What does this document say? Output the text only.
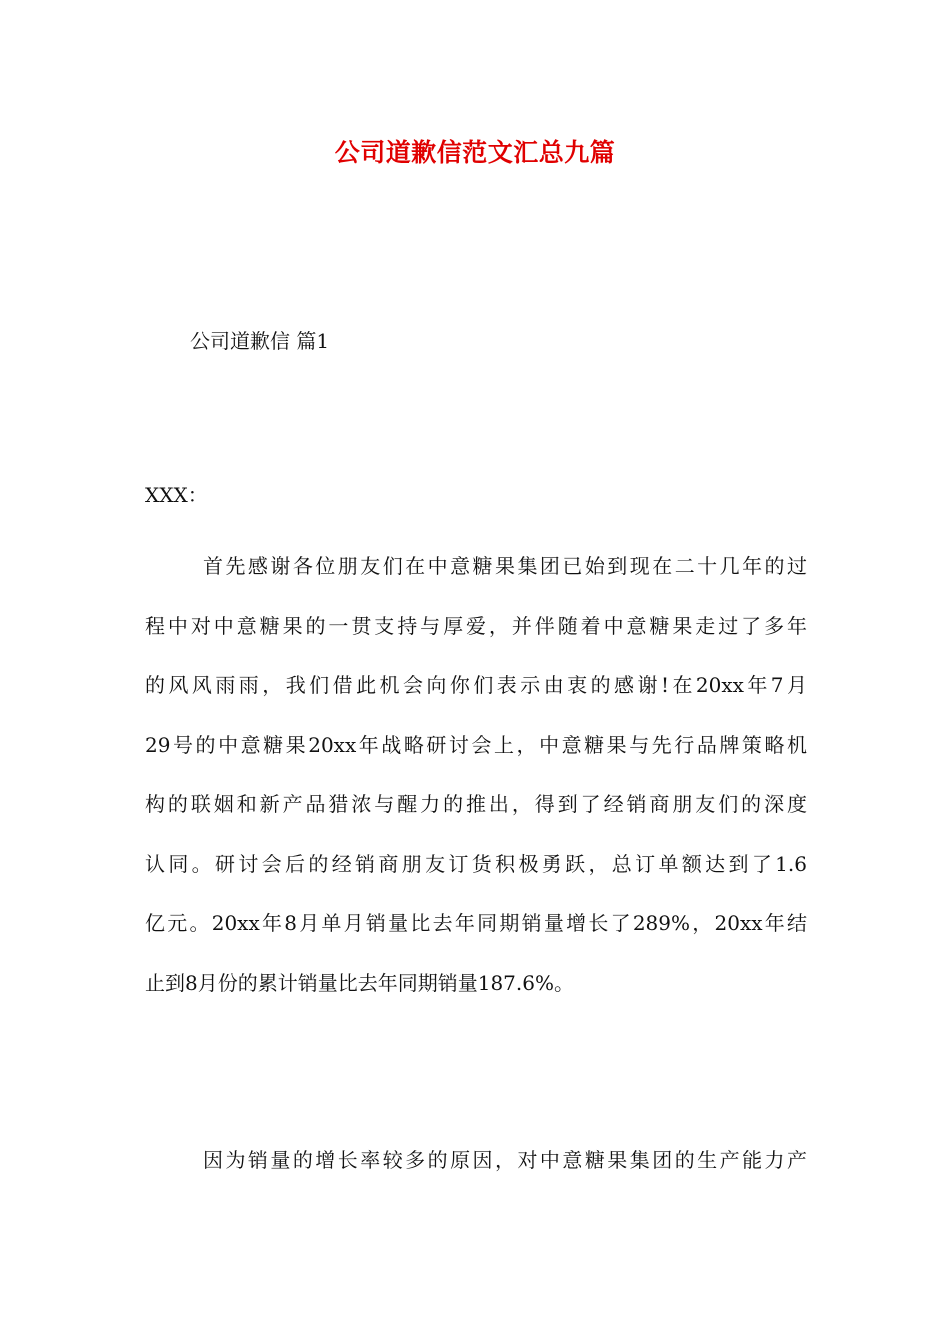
公司道歉信范文汇总九篇

公司道歉信 篇1

XXX：

首先感谢各位朋友们在中意糖果集团已始到现在二十几年的过
程中对中意糖果的一贯支持与厚爱，并伴随着中意糖果走过了多年
的风风雨雨，我们借此机会向你们表示由衷的感谢!在20xx年7月
29号的中意糖果20xx年战略研讨会上，中意糖果与先行品牌策略机
构的联姻和新产品猎浓与醒力的推出，得到了经销商朋友们的深度
认同。研讨会后的经销商朋友订货积极勇跃，总订单额达到了1.6
亿元。20xx年8月单月销量比去年同期销量增长了289%，20xx年结
止到8月份的累计销量比去年同期销量187.6%。
因为销量的增长率较多的原因，对中意糖果集团的生产能力产
